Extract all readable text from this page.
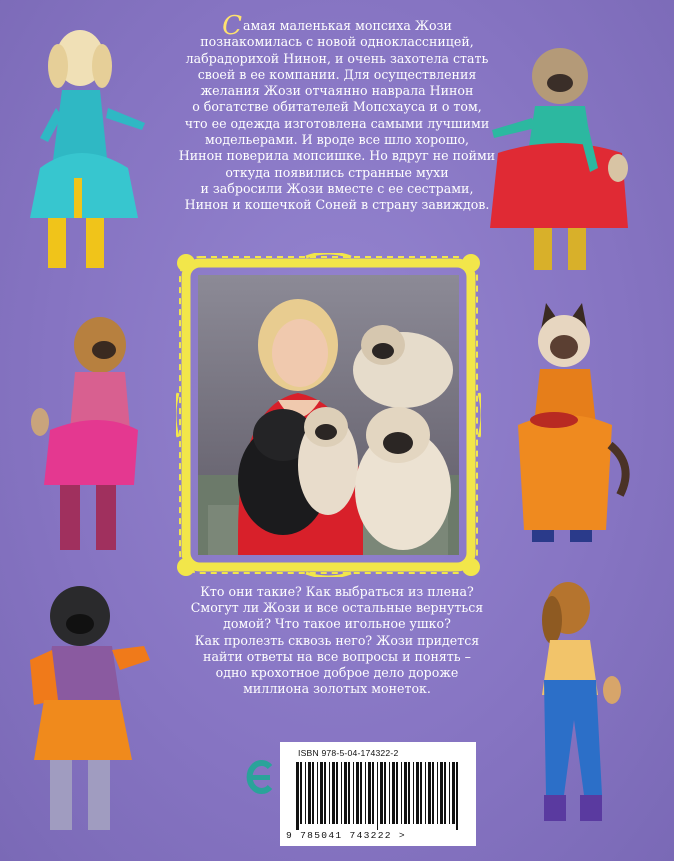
Самая маленькая мопсиха Жози
познакомилась с новой одноклассницей,
лабрадорихой Нинон, и очень захотела стать
своей в ее компании. Для осуществления
желания Жози отчаянно наврала Нинон
о богатстве обитателей Мопсхауса и о том,
что ее одежда изготовлена самыми лучшими
модельерами. И вроде все шло хорошо,
Нинон поверила мопсишке. Но вдруг не пойми
откуда появились странные мухи
и забросили Жози вместе с ее сестрами,
Нинон и кошечкой Соней в страну завиждов.
Кто они такие? Как выбраться из плена?
Смогут ли Жози и все остальные вернуться
домой? Что такое игольное ушко?
Как пролезть сквозь него? Жози придется
найти ответы на все вопросы и понять –
одно крохотное доброе дело дороже
миллиона золотых монеток.
ISBN 978-5-04-174322-2
9 785041 743222 >
